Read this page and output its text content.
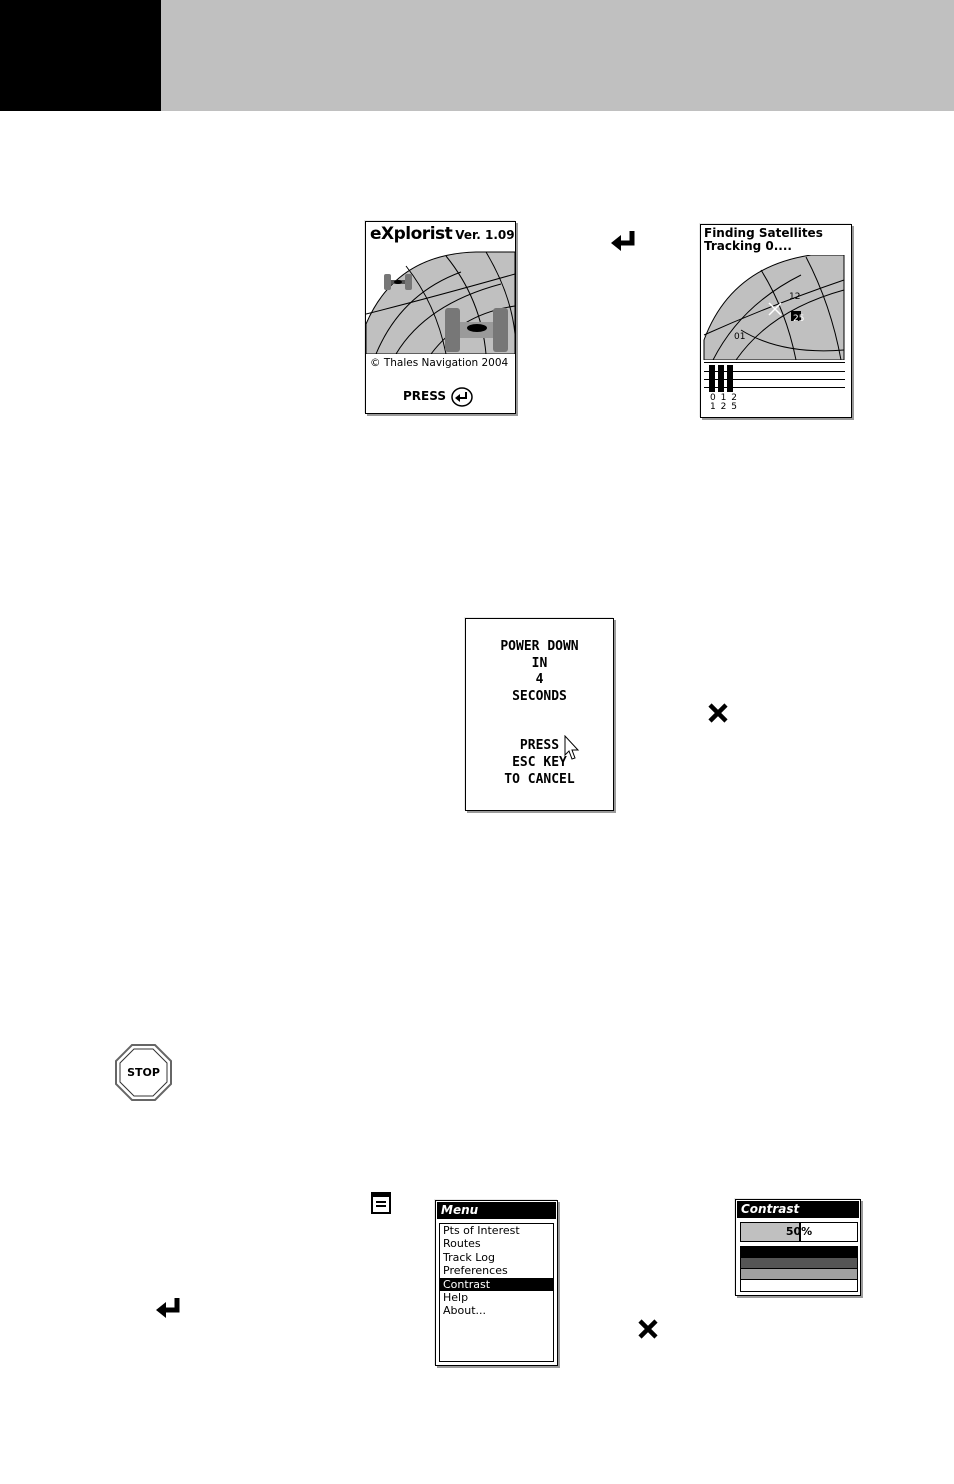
eXplorist Ver. 1.09
© Thales Navigation 2004
PRESS
Finding Satellites
Tracking 0....
12
25
01
0 1 2
1 2 5
POWER DOWN
IN
4
SECONDS
PRESS
ESC KEY
TO CANCEL
STOP
Menu
Pts of Interest
Routes
Track Log
Preferences
Contrast
Help
About...
Contrast
50%
